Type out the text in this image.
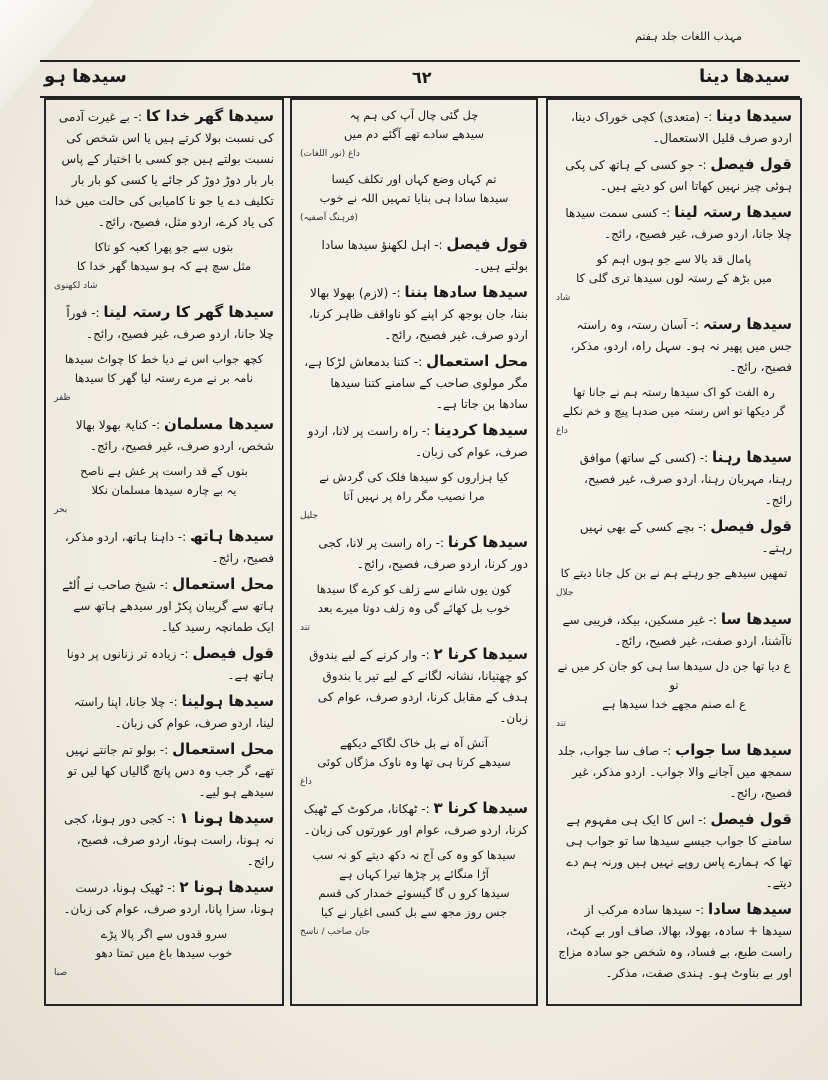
مہذب اللغات جلد ہفتم
سیدھا دینا
٦٢
سیدھا ہو

سیدھا دینا :- (متعدی) کچی خوراک دینا، اردو صرف قلیل الاستعمال۔

قول فیصل :- جو کسی کے ہاتھ کی پکی ہوئی چیز نہیں کھاتا اس کو دیتے ہیں۔

سیدھا رستہ لینا :- کسی سمت سیدھا چلا جانا، اردو صرف، غیر فصیح، رائج۔

پامال قد بالا سے جو ہوں اہم کو
میں بڑھ کے رستہ لوں سیدھا تری گلی کا
شاد

سیدھا رستہ :- آسان رستہ، وہ راستہ جس میں پھیر نہ ہو۔ سہل راہ، اردو، مذکر، فصیح، رائج۔

رہ الفت کو اک سیدھا رستہ ہم نے جانا تھا
گر دیکھا تو اس رستہ میں صدہا پیچ و خم نکلے
داغ

سیدھا رہنا :- (کسی کے ساتھ) موافق رہنا، مہربان رہنا، اردو صرف، غیر فصیح، رائج۔

قول فیصل :- بچے کسی کے بھی نہیں رہتے۔

تمھیں سیدھے جو رہتے ہم نے بن کل جانا دیتے کا
جلال

سیدھا سا :- غیر مسکین، بیکد، فریبی سے ناآشنا، اردو صفت، غیر فصیح، رائج۔

ع دیا تھا جن دل سیدھا سا ہی کو جان کر میں نے تو
ع اے صنم مجھے خدا سیدھا ہے
تند

سیدھا سا جواب :- صاف سا جواب، جلد سمجھ میں آجانے والا جواب۔ اردو مذکر، غیر فصیح، رائج۔

قول فیصل :- اس کا ایک ہی مفہوم ہے سامنے کا جواب جیسے سیدھا سا تو جواب ہی تھا کہ ہمارے پاس روپے نہیں ہیں ورنہ ہم دے دیتے۔

سیدھا سادا :- سیدھا سادہ مرکب از سیدھا + سادہ، بھولا، بھالا، صاف اور بے کپٹ، راست طبع، بے فساد، وہ شخص جو سادہ مزاج اور بے بناوٹ ہو۔ ہندی صفت، مذکر۔

چل گئی چال آپ کی ہم پہ
سیدھے سادے تھے آگئے دم میں
داغ (نور اللغات)

تم کہاں وضع کہاں اور تکلف کیسا
سیدھا سادا ہی بنایا تمہیں اللہ نے خوب
(فرہنگ آصفیہ)

قول فیصل :- اہل لکھنؤ سیدھا سادا بولتے ہیں۔

سیدھا سادھا بننا :- (لازم) بھولا بھالا بننا، جان بوجھ کر اپنے کو ناواقف ظاہر کرنا، اردو صرف، غیر فصیح، رائج۔

محل استعمال :- کتنا بدمعاش لڑکا ہے، مگر مولوی صاحب کے سامنے کتنا سیدھا سادھا بن جاتا ہے۔

سیدھا کردینا :- راہ راست پر لانا، اردو صرف، عوام کی زبان۔

کیا ہزاروں کو سیدھا فلک کی گردش نے
مرا نصیب مگر راہ پر نہیں آتا
جلیل

سیدھا کرنا :- راہ راست پر لانا، کجی دور کرنا، اردو صرف، فصیح، رائج۔

کون یوں شانے سے زلف کو کرے گا سیدھا
خوب بل کھائے گی وہ زلف دوتا میرے بعد
تند

سیدھا کرنا ٢ :- وار کرنے کے لیے بندوق کو چھتیانا، نشانہ لگانے کے لیے تیر یا بندوق ہدف کے مقابل کرنا، اردو صرف، عوام کی زبان۔

آتش آہ نے بل خاک لگاکے دیکھے
سیدھے کرتا ہی تھا وہ ناوک مژگاں کوئی
داغ

سیدھا کرنا ٣ :- ٹھکانا، مرکوٹ کے ٹھیک کرنا، اردو صرف، عوام اور عورتوں کی زبان۔

سیدھا کو وہ کی آج نہ دکھ دیتے کو نہ سب
آڑا منگائے پر چڑھا تیرا کہاں ہے
سیدھا کرو ں گا گیسوئے خمدار کی قسم
جس روز مجھ سے بل کسی اغیار نے کیا
جان صاحب / ناسخ

سیدھا گھر خدا کا :- بے غیرت آدمی کی نسبت بولا کرتے ہیں یا اس شخص کی نسبت بولتے ہیں جو کسی با اختیار کے پاس بار بار دوڑ دوڑ کر جائے یا کسی کو بار بار تکلیف دے یا جو نا کامیابی کی حالت میں خدا کی یاد کرے، اردو مثل، فصیح، رائج۔

بتوں سے جو پھرا کعبہ کو تاکا
مثل سچ ہے کہ ہو سیدھا گھر خدا کا
شاد لکھنوی

سیدھا گھر کا رستہ لینا :- فوراً چلا جانا، اردو صرف، غیر فصیح، رائج۔

کچھ جواب اس نے دیا خط کا چواٹ سیدھا
نامہ بر نے مرے رستہ لیا گھر کا سیدھا
ظفر

سیدھا مسلمان :- کنایۃ بھولا بھالا شخص، اردو صرف، غیر فصیح، رائج۔

بتوں کے قد راست پر غش ہے ناصح
یہ بے چارہ سیدھا مسلمان نکلا
بحر

سیدھا ہاتھ :- داہنا ہاتھ، اردو مذکر، فصیح، رائج۔

محل استعمال :- شیخ صاحب نے اُلٹے ہاتھ سے گریبان پکڑ اور سیدھے ہاتھ سے ایک طمانچہ رسید کیا۔

قول فیصل :- زیادہ تر زنانوں پر دونا ہاتھ ہے۔

سیدھا ہولینا :- چلا جانا، اپنا راستہ لینا، اردو صرف، عوام کی زبان۔

محل استعمال :- بولو تم جانتے نہیں تھے، گر جب وہ دس پانچ گالیاں کھا لیں تو سیدھے ہو لیے۔

سیدھا ہونا ١ :- کجی دور ہونا، کجی نہ ہونا، راست ہونا، اردو صرف، فصیح، رائج۔

سیدھا ہونا ٢ :- ٹھیک ہونا، درست ہونا، سزا پانا، اردو صرف، عوام کی زبان۔

سرو قدوں سے اگر پالا پڑے
خوب سیدھا باغ میں تمتا دھو
صبا
